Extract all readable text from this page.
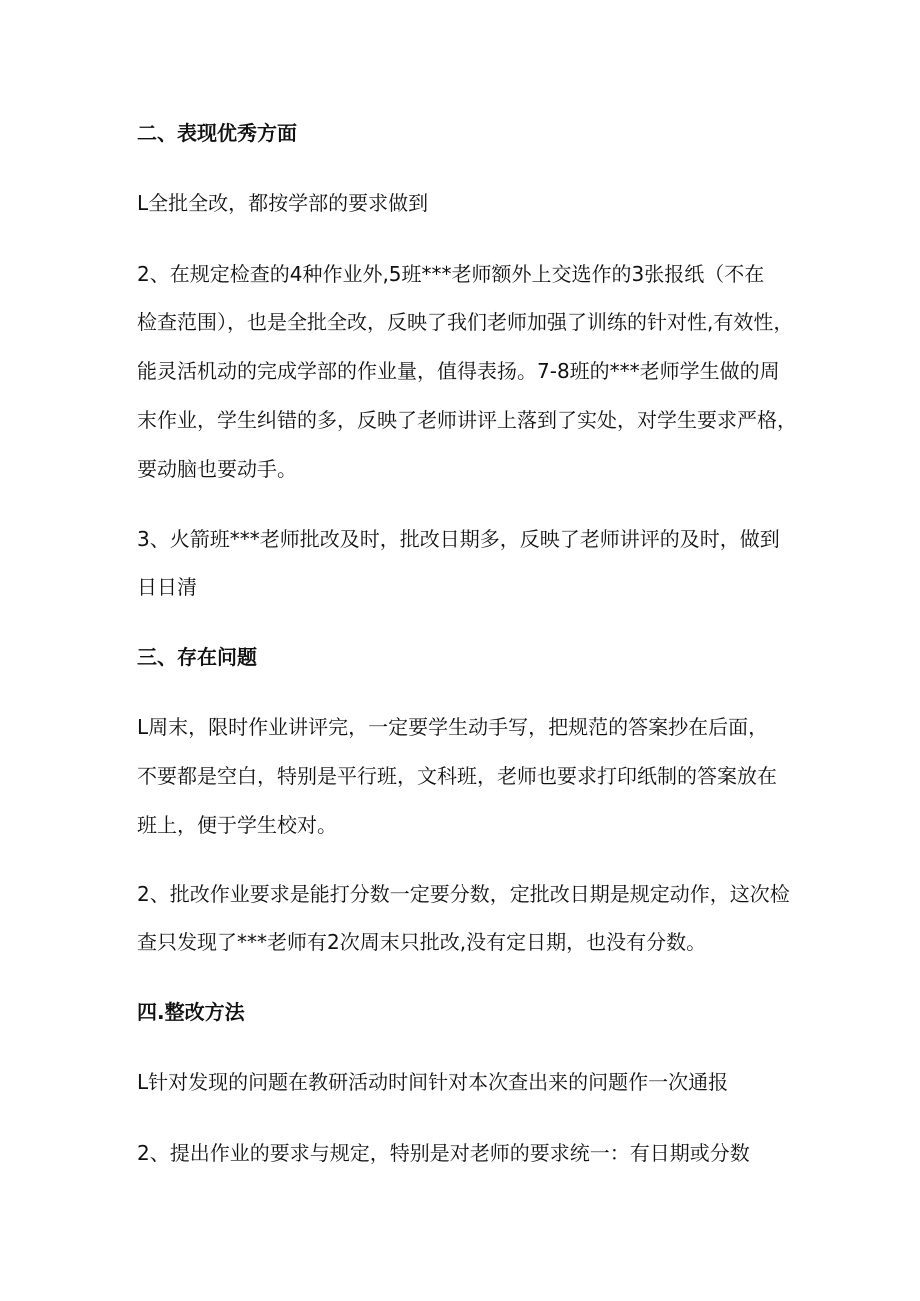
二、表现优秀方面
L全批全改，都按学部的要求做到
2、在规定检查的4种作业外,5班***老师额外上交选作的3张报纸（不在
检查范围），也是全批全改，反映了我们老师加强了训练的针对性,有效性，
能灵活机动的完成学部的作业量，值得表扬。7-8班的***老师学生做的周
末作业，学生纠错的多，反映了老师讲评上落到了实处，对学生要求严格，
要动脑也要动手。
3、火箭班***老师批改及时，批改日期多，反映了老师讲评的及时，做到
日日清
三、存在问题
L周末，限时作业讲评完，一定要学生动手写，把规范的答案抄在后面，
不要都是空白，特别是平行班，文科班，老师也要求打印纸制的答案放在
班上，便于学生校对。
2、批改作业要求是能打分数一定要分数，定批改日期是规定动作，这次检
查只发现了***老师有2次周末只批改,没有定日期，也没有分数。
四.整改方法
L针对发现的问题在教研活动时间针对本次查出来的问题作一次通报
2、提出作业的要求与规定，特别是对老师的要求统一：有日期或分数
